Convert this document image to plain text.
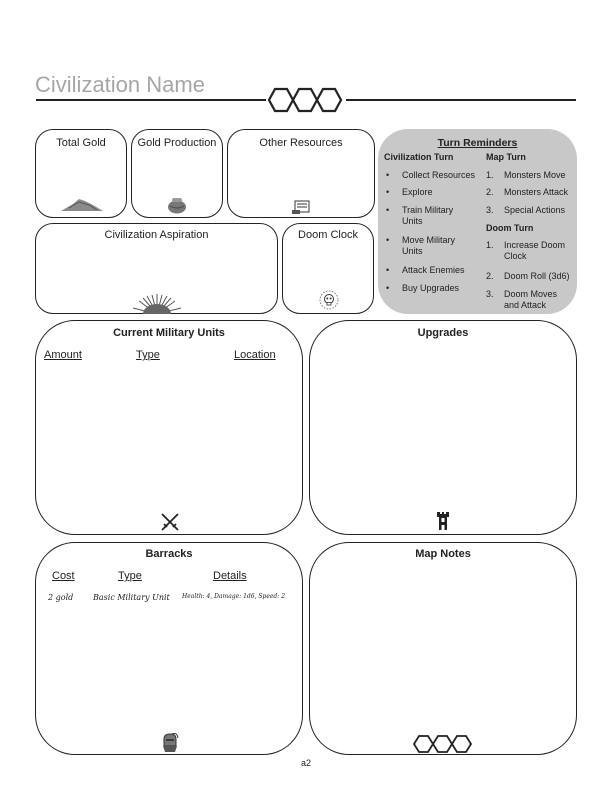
Civilization Name
Total Gold	Gold Production	Other Resources	Turn Reminders
Civilization Turn	Map Turn
• Collect Resources
• Explore
• Train Military Units
• Move Military Units
• Attack Enemies
• Buy Upgrades
1. Monsters Move
2. Monsters Attack
3. Special Actions
Doom Turn
1. Increase Doom Clock
2. Doom Roll (3d6)
3. Doom Moves and Attack
Civilization Aspiration	Doom Clock
Current Military Units
Amount	Type	Location
Upgrades
Barracks
Cost	Type	Details
2 gold Basic Military Unit Health: 4, Damage: 1d6, Speed: 2
Map Notes
a2
